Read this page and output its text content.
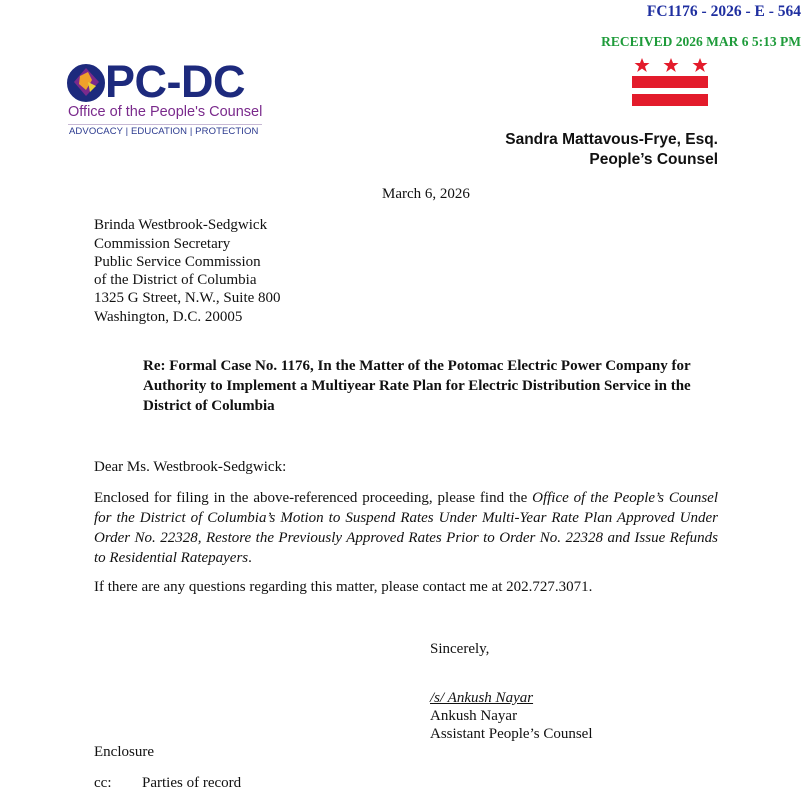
FC1176 - 2026 - E - 564
RECEIVED 2026 MAR 6 5:13 PM
PC-DC
Office of the People's Counsel
ADVOCACY | EDUCATION | PROTECTION	Sandra Mattavous-Frye, Esq.
People’s Counsel
March 6, 2026
Brinda Westbrook-Sedgwick
Commission Secretary
Public Service Commission
of the District of Columbia
1325 G Street, N.W., Suite 800
Washington, D.C. 20005
Re: Formal Case No. 1176, In the Matter of the Potomac Electric Power Company for Authority to Implement a Multiyear Rate Plan for Electric Distribution Service in the District of Columbia
Dear Ms. Westbrook-Sedgwick:
Enclosed for filing in the above-referenced proceeding, please find the Office of the People’s Counsel for the District of Columbia’s Motion to Suspend Rates Under Multi-Year Rate Plan Approved Under Order No. 22328, Restore the Previously Approved Rates Prior to Order No. 22328 and Issue Refunds to Residential Ratepayers.
If there are any questions regarding this matter, please contact me at 202.727.3071.
Sincerely,
/s/ Ankush Nayar
Ankush Nayar
Assistant People’s Counsel
Enclosure
cc: Parties of record
